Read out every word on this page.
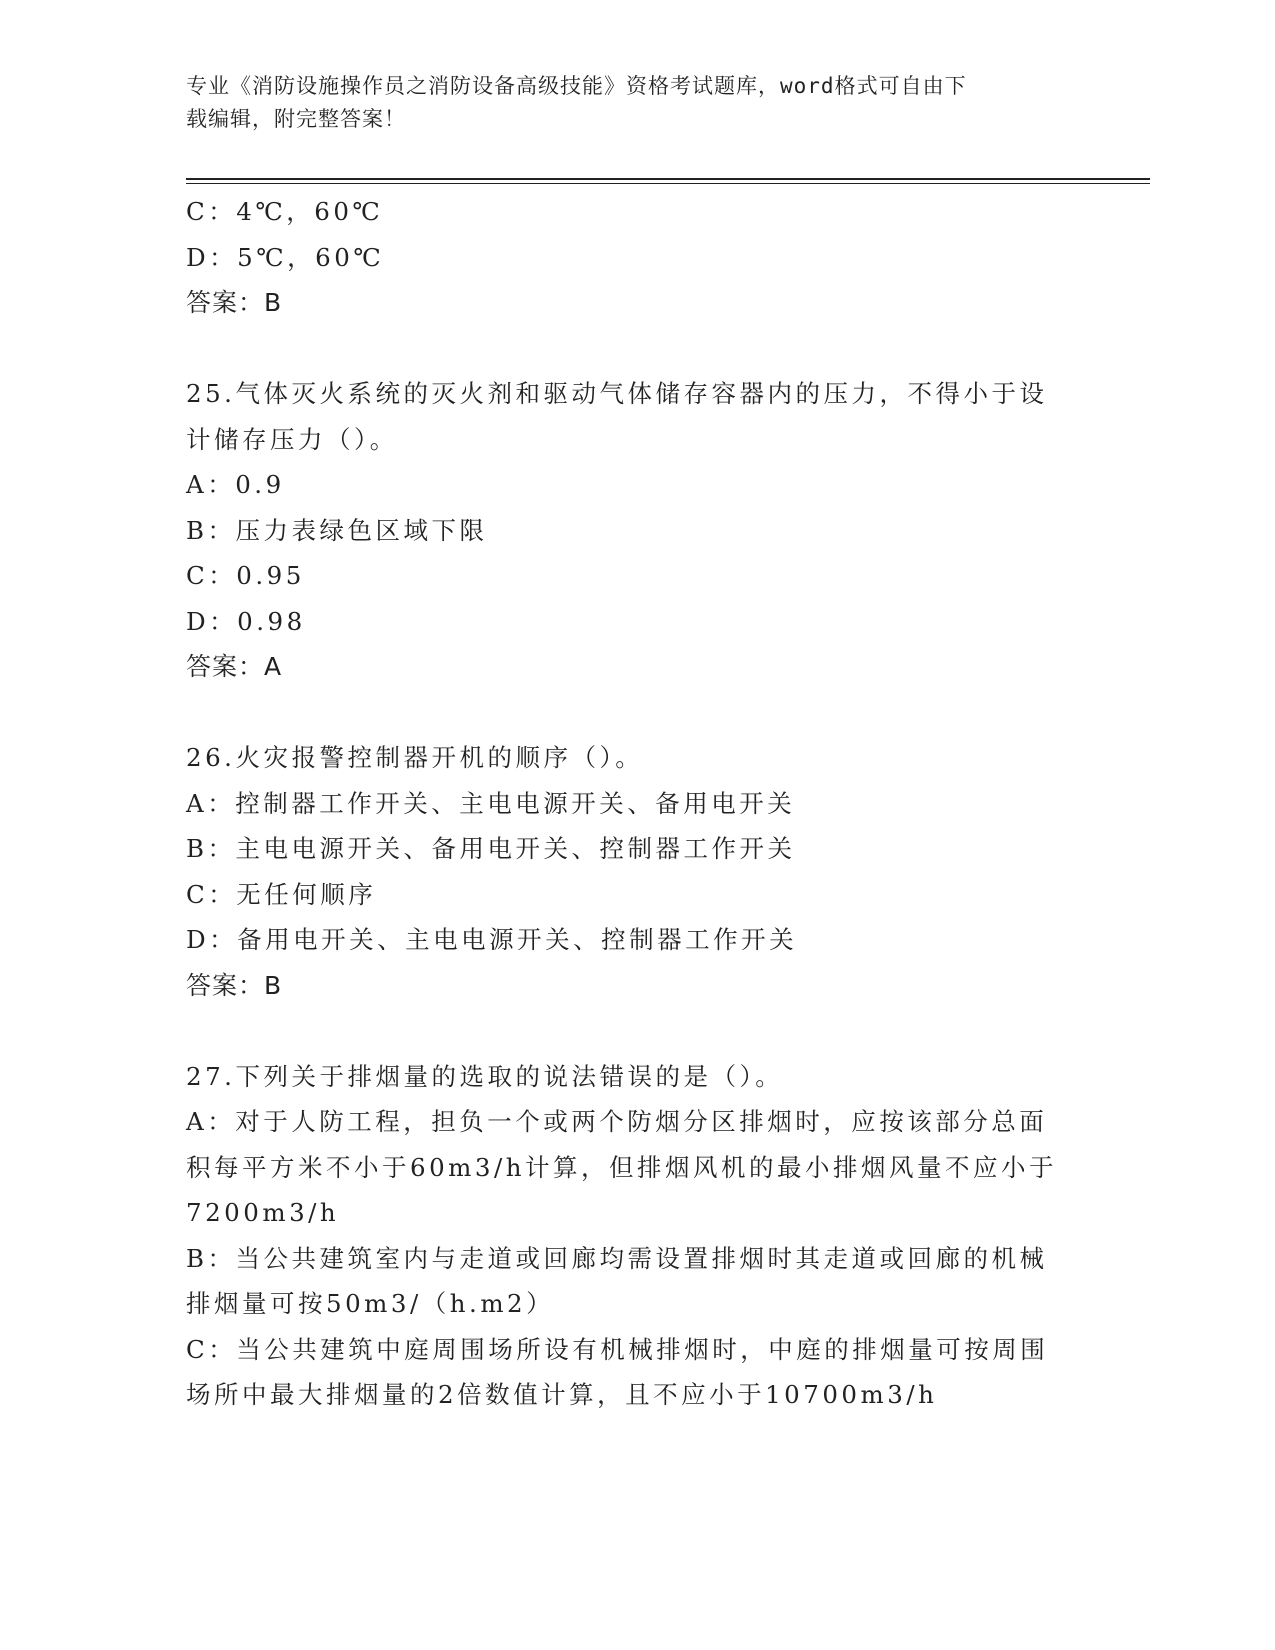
专业《消防设施操作员之消防设备高级技能》资格考试题库，word格式可自由下
载编辑，附完整答案！
C：4℃，60℃
D：5℃，60℃
答案：B
25.气体灭火系统的灭火剂和驱动气体储存容器内的压力，不得小于设
计储存压力（）。
A：0.9
B：压力表绿色区域下限
C：0.95
D：0.98
答案：A
26.火灾报警控制器开机的顺序（）。
A：控制器工作开关、主电电源开关、备用电开关
B：主电电源开关、备用电开关、控制器工作开关
C：无任何顺序
D：备用电开关、主电电源开关、控制器工作开关
答案：B
27.下列关于排烟量的选取的说法错误的是（）。
A：对于人防工程，担负一个或两个防烟分区排烟时，应按该部分总面
积每平方米不小于60m3/h计算，但排烟风机的最小排烟风量不应小于
7200m3/h
B：当公共建筑室内与走道或回廊均需设置排烟时其走道或回廊的机械
排烟量可按50m3/（h.m2）
C：当公共建筑中庭周围场所设有机械排烟时，中庭的排烟量可按周围
场所中最大排烟量的2倍数值计算，且不应小于10700m3/h
